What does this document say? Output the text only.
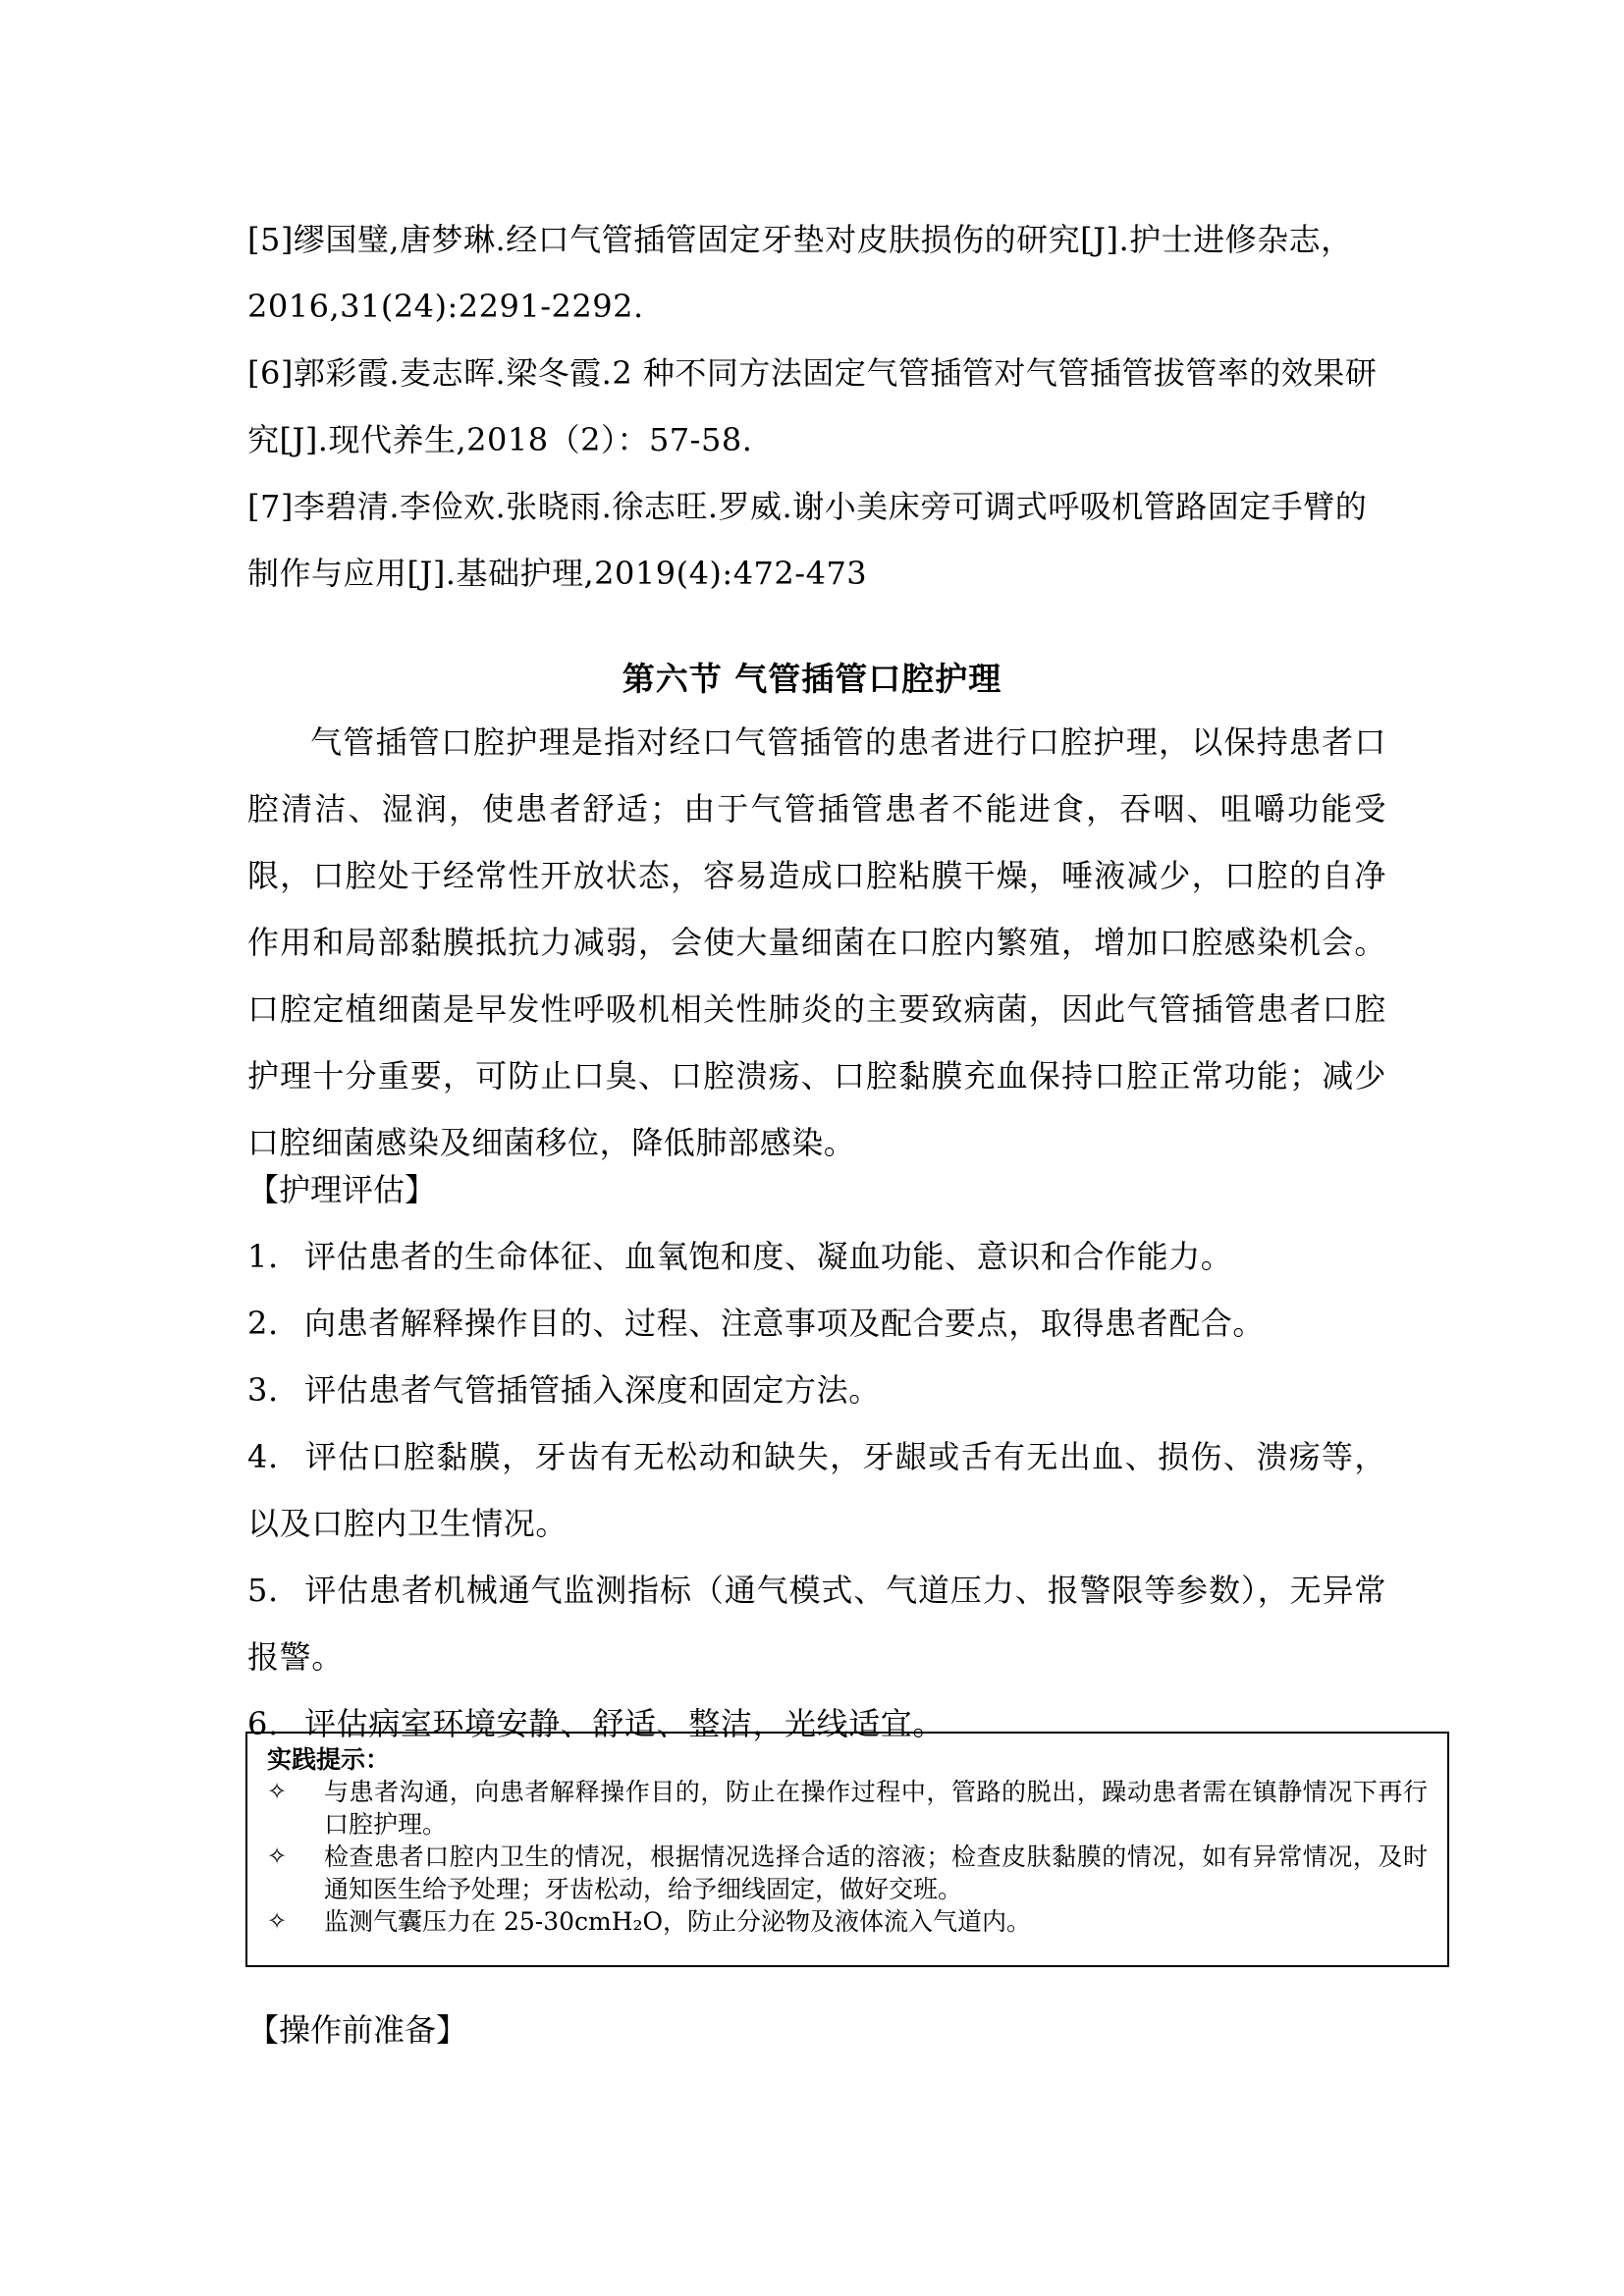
[5]缪国璧,唐梦琳.经口气管插管固定牙垫对皮肤损伤的研究[J].护士进修杂志， 2016,31(24):2291-2292.

[6]郭彩霞.麦志晖.梁冬霞.2 种不同方法固定气管插管对气管插管拔管率的效果研究[J].现代养生,2018（2）：57-58.

[7]李碧清.李俭欢.张晓雨.徐志旺.罗威.谢小美床旁可调式呼吸机管路固定手臂的制作与应用[J].基础护理,2019(4):472-473

第六节 气管插管口腔护理

气管插管口腔护理是指对经口气管插管的患者进行口腔护理，以保持患者口腔清洁、湿润，使患者舒适；由于气管插管患者不能进食，吞咽、咀嚼功能受限，口腔处于经常性开放状态，容易造成口腔粘膜干燥，唾液减少，口腔的自净作用和局部黏膜抵抗力减弱，会使大量细菌在口腔内繁殖，增加口腔感染机会。口腔定植细菌是早发性呼吸机相关性肺炎的主要致病菌，因此气管插管患者口腔护理十分重要，可防止口臭、口腔溃疡、口腔黏膜充血保持口腔正常功能；减少口腔细菌感染及细菌移位，降低肺部感染。

【护理评估】

1. 评估患者的生命体征、血氧饱和度、凝血功能、意识和合作能力。

2. 向患者解释操作目的、过程、注意事项及配合要点，取得患者配合。

3. 评估患者气管插管插入深度和固定方法。

4. 评估口腔黏膜，牙齿有无松动和缺失，牙龈或舌有无出血、损伤、溃疡等，以及口腔内卫生情况。

5. 评估患者机械通气监测指标（通气模式、气道压力、报警限等参数），无异常报警。

6. 评估病室环境安静、舒适、整洁，光线适宜。

实践提示：

✧	与患者沟通，向患者解释操作目的，防止在操作过程中，管路的脱出，躁动患者需在镇静情况下再行口腔护理。
✧	检查患者口腔内卫生的情况，根据情况选择合适的溶液；检查皮肤黏膜的情况，如有异常情况，及时通知医生给予处理；牙齿松动，给予细线固定，做好交班。
✧	监测气囊压力在 25-30cmH₂O，防止分泌物及液体流入气道内。

【操作前准备】
